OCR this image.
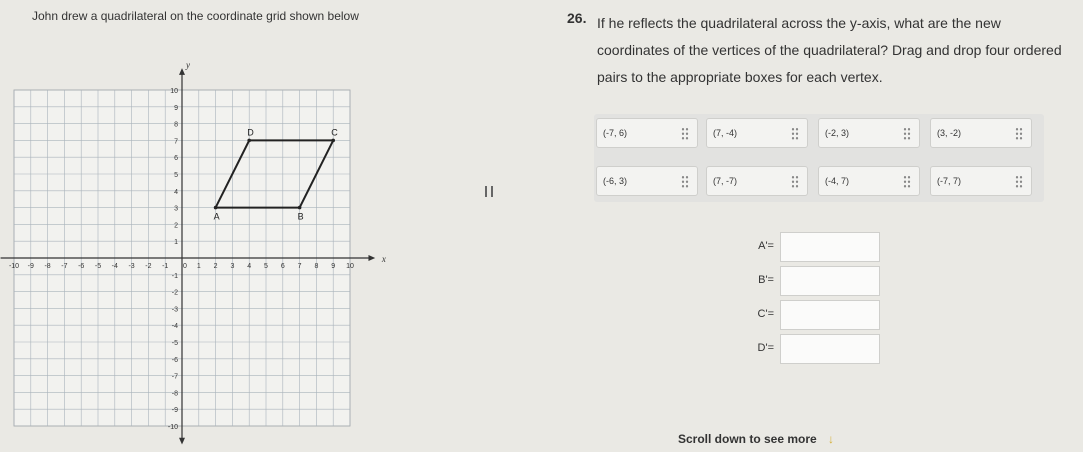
John drew a quadrilateral on the coordinate grid shown below
x
y
-10 -9 -8 -7 -6 -5 -4 -3 -2 -1	1 2 3 4 5 6 7 8 9 10
10
9
8
7
6
5
4
3
2
1
-1
-2
-3
-4
-5
-6
-7
-8
-9
-10
0
A	B
C
D
26. If he reflects the quadrilateral across the y-axis, what are the new coordinates of the vertices of the quadrilateral? Drag and drop four ordered pairs to the appropriate boxes for each vertex.
(-7, 6)	(7, -4)	(-2, 3)	(3, -2)
(-6, 3)	(7, -7)	(-4, 7)	(-7, 7)
A'=
B'=
C'=
D'=
Scroll down to see more ↓
